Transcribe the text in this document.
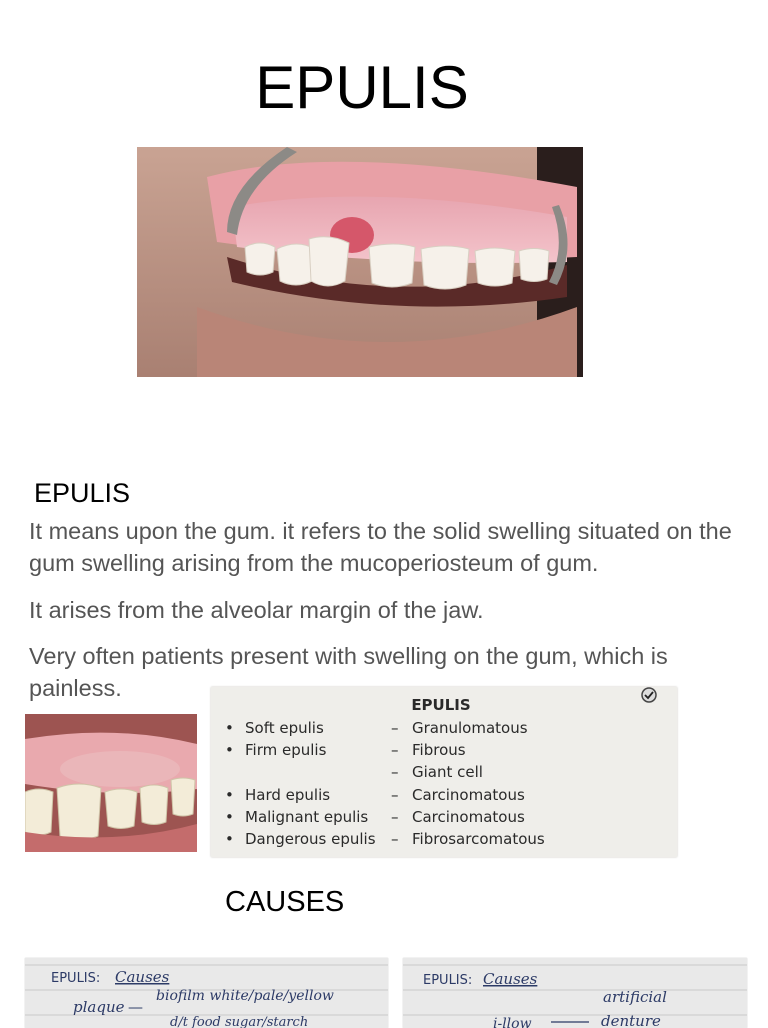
EPULIS
EPULIS
It means upon the gum. it refers to the solid swelling situated on the gum swelling arising from the mucoperiosteum of gum.
It arises from the alveolar margin of the jaw.
Very often patients present with swelling on the gum, which is painless.
EPULIS
• Soft epulis	– Granulomatous
• Firm epulis	– Fibrous
– Giant cell
• Hard epulis	– Carcinomatous
• Malignant epulis – Carcinomatous
• Dangerous epulis – Fibrosarcomatous
CAUSES
EPULIS: Causes
plaque —
biofilm white/pale/yellow
d/t food sugar/starch
EPULIS: Causes
artificial
i-llow	denture
